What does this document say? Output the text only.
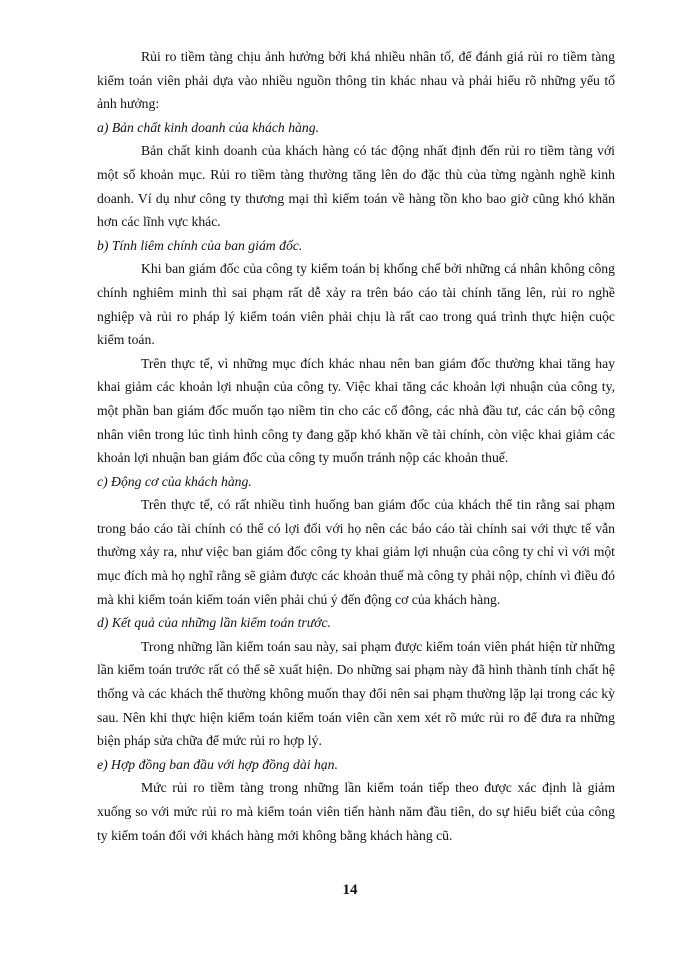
Rủi ro tiềm tàng chịu ảnh hưởng bởi khá nhiều nhân tố, để đánh giá rủi ro tiềm tàng kiểm toán viên phải dựa vào nhiều nguồn thông tin khác nhau và phải hiểu rõ những yếu tố ảnh hưởng:

a) Bản chất kinh doanh của khách hàng.

Bản chất kinh doanh của khách hàng có tác động nhất định đến rủi ro tiềm tàng với một số khoản mục. Rủi ro tiềm tàng thường tăng lên do đặc thù của từng ngành nghề kinh doanh. Ví dụ như công ty thương mại thì kiểm toán về hàng tồn kho bao giờ cũng khó khăn hơn các lĩnh vực khác.

b) Tính liêm chính của ban giám đốc.

Khi ban giám đốc của công ty kiểm toán bị khống chế bởi những cá nhân không công chính nghiêm minh thì sai phạm rất dễ xảy ra trên báo cáo tài chính tăng lên, rủi ro nghề nghiệp và rủi ro pháp lý kiểm toán viên phải chịu là rất cao trong quá trình thực hiện cuộc kiểm toán.

Trên thực tế, vì những mục đích khác nhau nên ban giám đốc thường khai tăng hay khai giảm các khoản lợi nhuận của công ty. Việc khai tăng các khoản lợi nhuận của công ty, một phần ban giám đốc muốn tạo niềm tin cho các cổ đông, các nhà đầu tư, các cán bộ công nhân viên trong lúc tình hình công ty đang gặp khó khăn về tài chính, còn việc khai giảm các khoản lợi nhuận ban giám đốc của công ty muốn tránh nộp các khoản thuế.

c) Động cơ của khách hàng.

Trên thực tế, có rất nhiều tình huống ban giám đốc của khách thể tin rằng sai phạm trong báo cáo tài chính có thể có lợi đối với họ nên các báo cáo tài chính sai với thực tế vẫn thường xảy ra, như việc ban giám đốc công ty khai giảm lợi nhuận của công ty chỉ vì với một mục đích mà họ nghĩ rằng sẽ giảm được các khoản thuế mà công ty phải nộp, chính vì điều đó mà khi kiểm toán kiểm toán viên phải chú ý đến động cơ của khách hàng.

d) Kết quả của những lần kiểm toán trước.

Trong những lần kiểm toán sau này, sai phạm được kiểm toán viên phát hiện từ những lần kiểm toán trước rất có thể sẽ xuất hiện. Do những sai phạm này đã hình thành tính chất hệ thống và các khách thể thường không muốn thay đổi nên sai phạm thường lặp lại trong các kỳ sau. Nên khi thực hiện kiểm toán kiểm toán viên cần xem xét rõ mức rủi ro để đưa ra những biện pháp sửa chữa để mức rủi ro hợp lý.

e) Hợp đồng ban đầu với hợp đồng dài hạn.

Mức rủi ro tiềm tàng trong những lần kiểm toán tiếp theo được xác định là giảm xuống so với mức rủi ro mà kiểm toán viên tiến hành năm đầu tiên, do sự hiểu biết của công ty kiểm toán đối với khách hàng mới không bằng khách hàng cũ.

14
